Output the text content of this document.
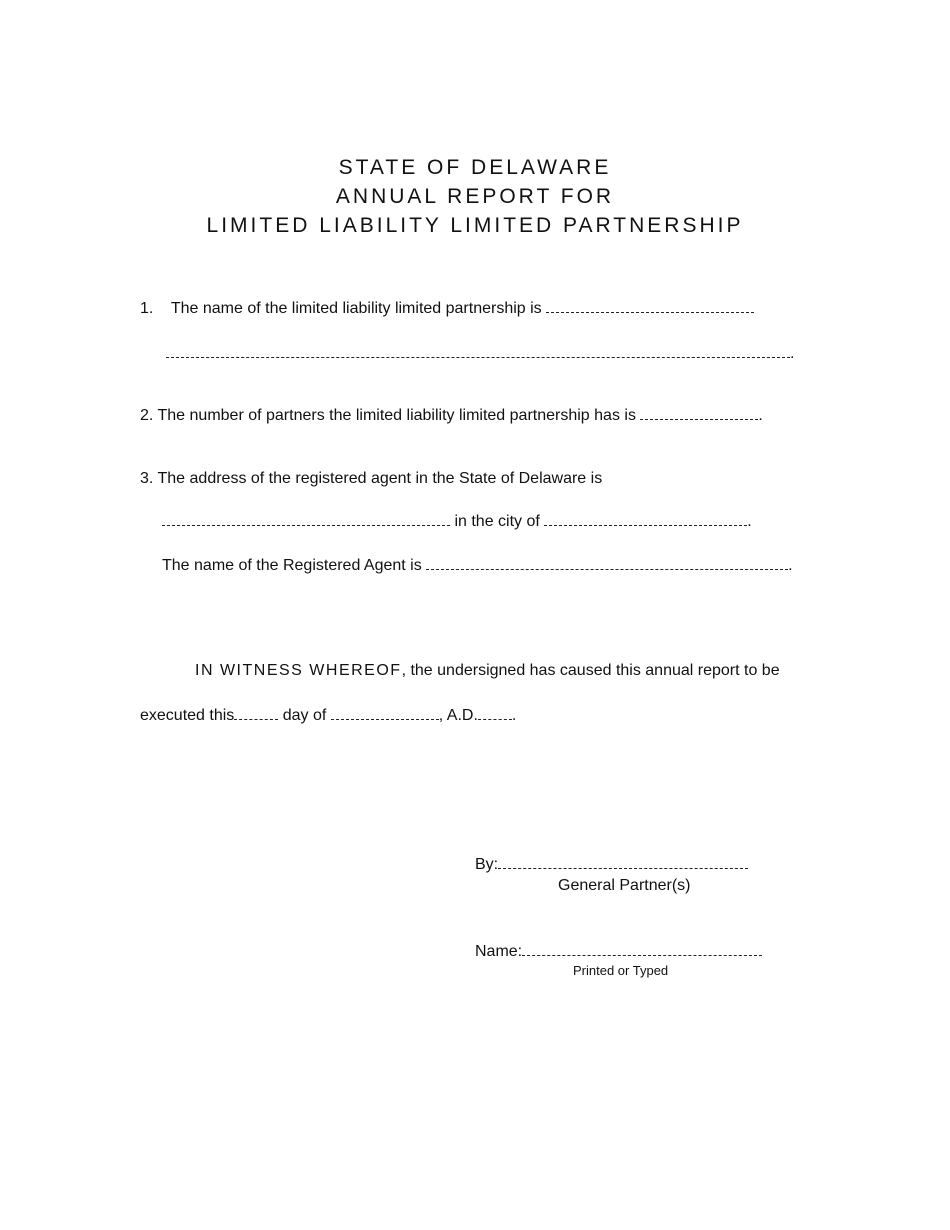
STATE OF DELAWARE
ANNUAL REPORT FOR
LIMITED LIABILITY LIMITED PARTNERSHIP
1. The name of the limited liability limited partnership is
.
2. The number of partners the limited liability limited partnership has is	.
3. The address of the registered agent in the State of Delaware is
in the city of	.
The name of the Registered Agent is	.
IN WITNESS WHEREOF, the undersigned has caused this annual report to be
executed this	day of	, A.D. .
By:
General Partner(s)
Name:
Printed or Typed
